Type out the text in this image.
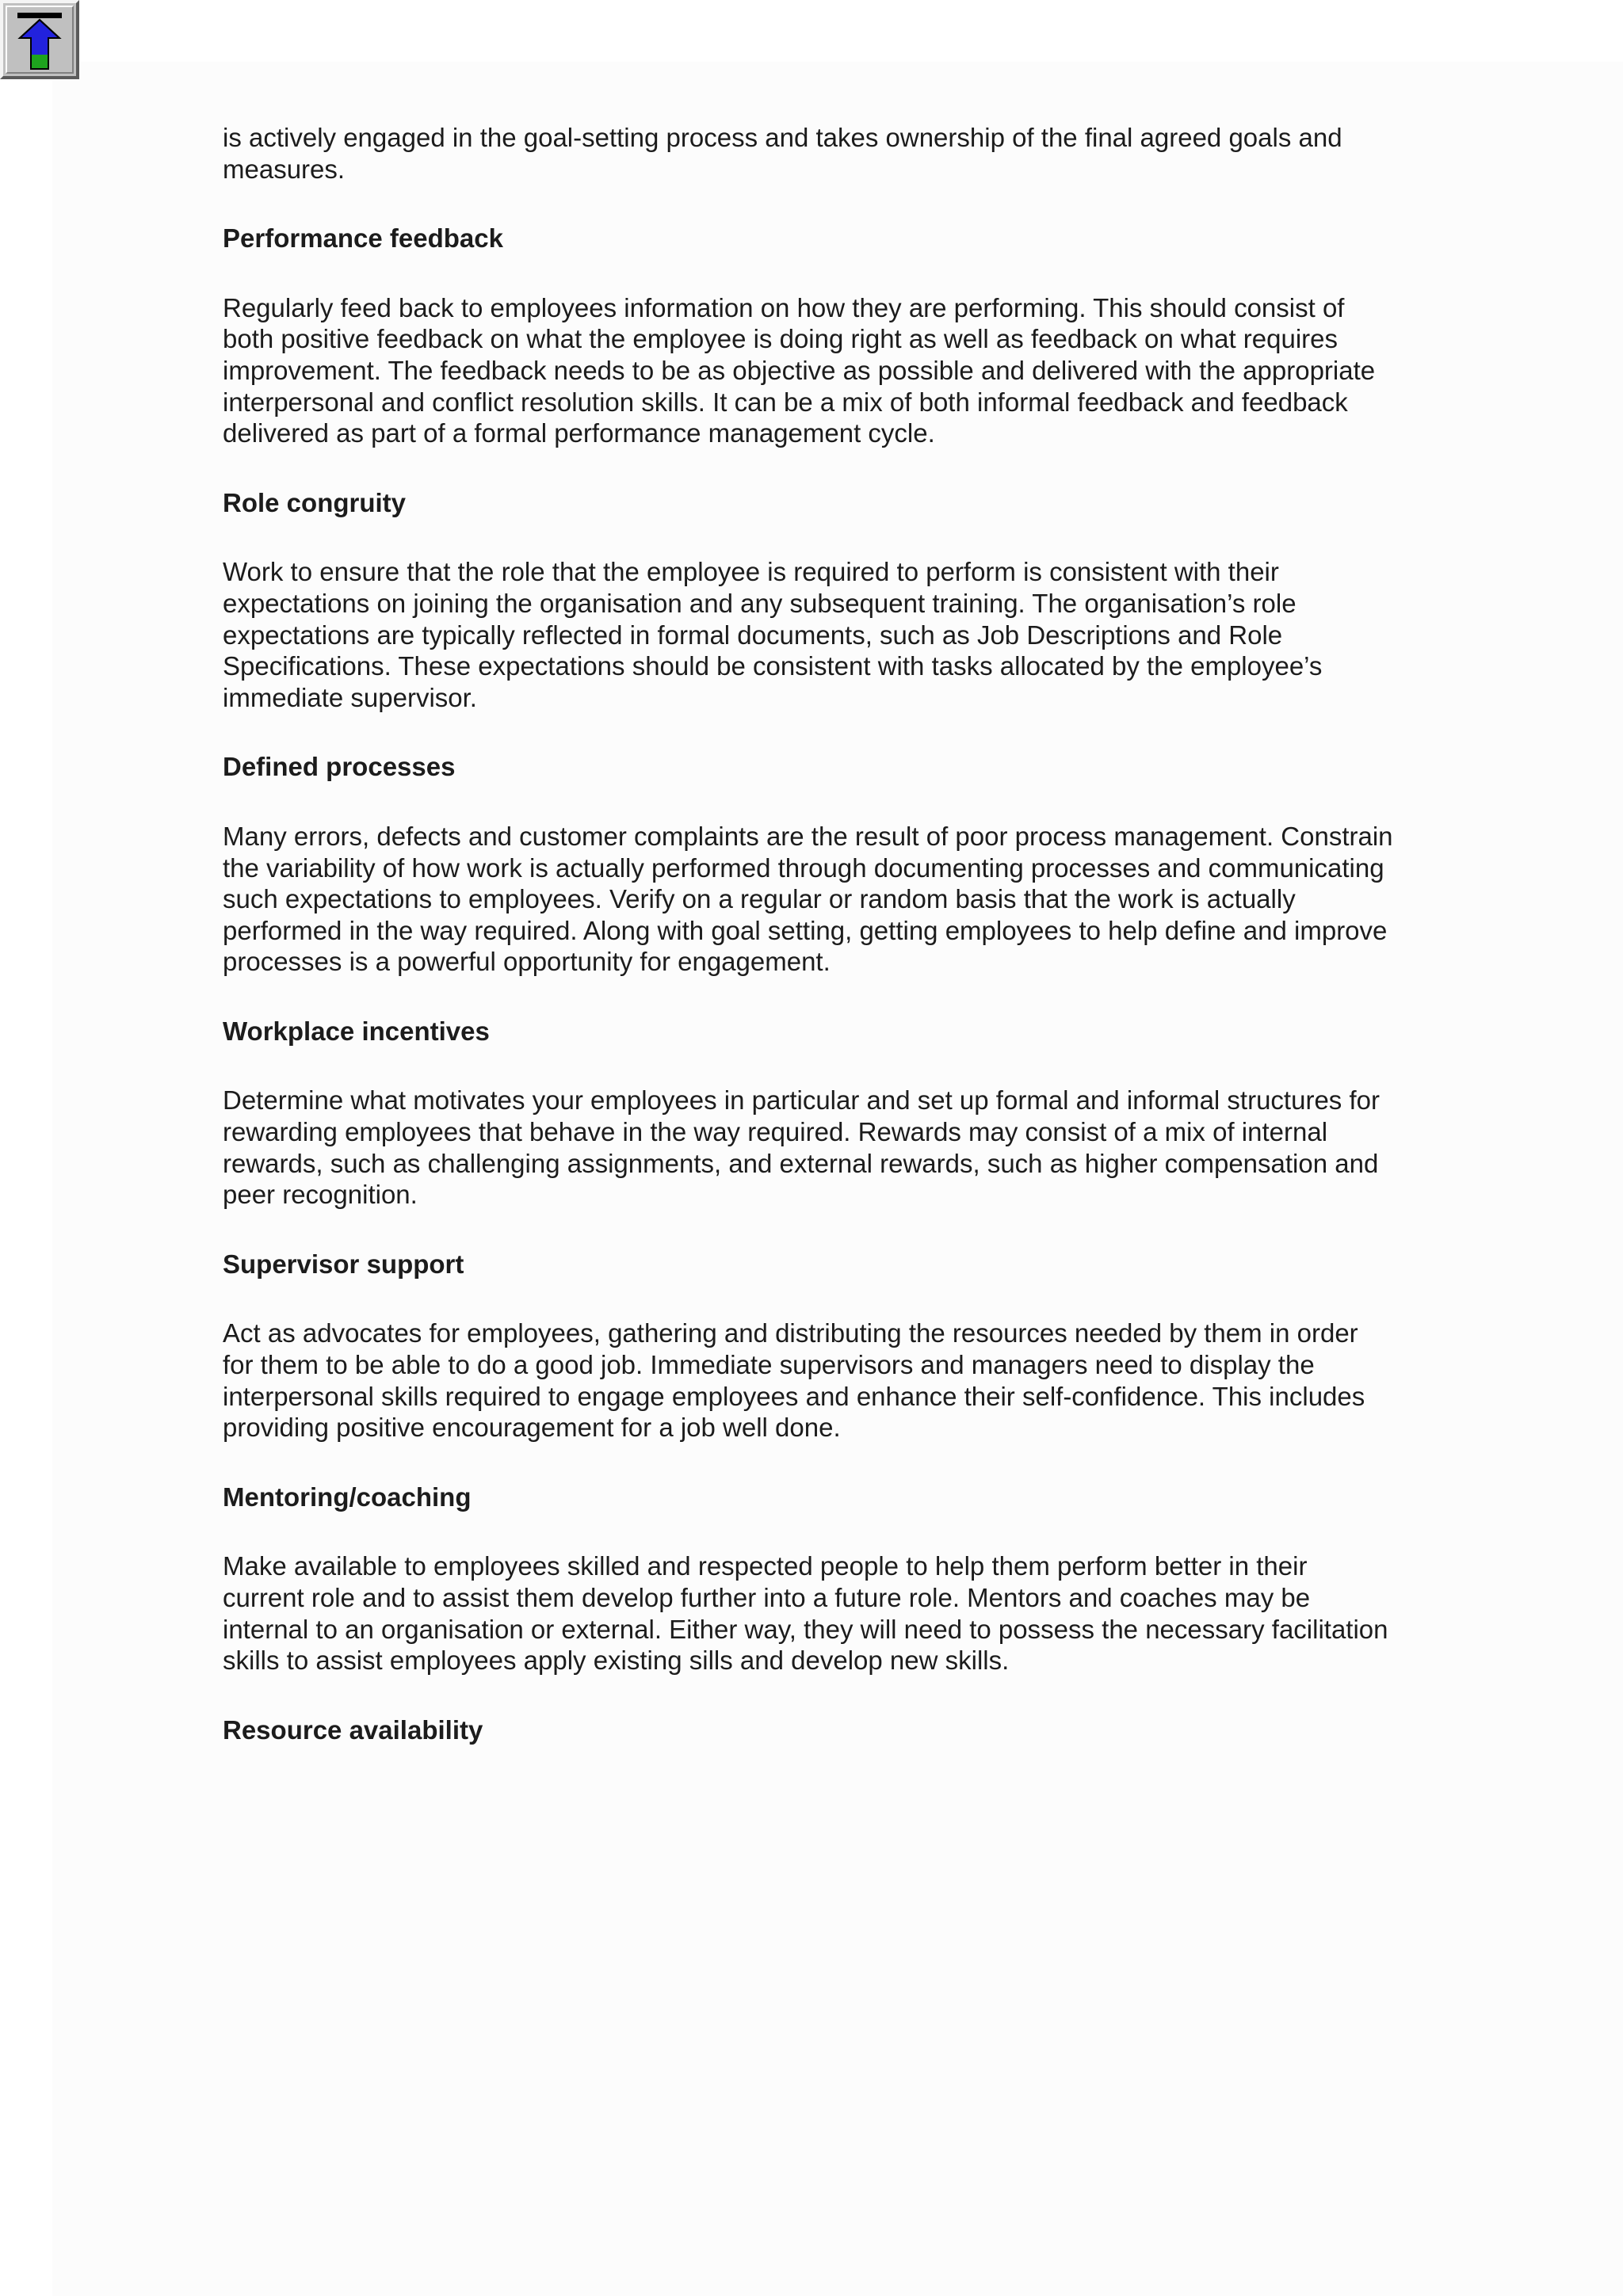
is actively engaged in the goal-setting process and takes ownership of the final agreed goals and measures.

Performance feedback

Regularly feed back to employees information on how they are performing. This should consist of both positive feedback on what the employee is doing right as well as feedback on what requires improvement. The feedback needs to be as objective as possible and delivered with the appropriate interpersonal and conflict resolution skills. It can be a mix of both informal feedback and feedback delivered as part of a formal performance management cycle.

Role congruity

Work to ensure that the role that the employee is required to perform is consistent with their expectations on joining the organisation and any subsequent training. The organisation’s role expectations are typically reflected in formal documents, such as Job Descriptions and Role Specifications. These expectations should be consistent with tasks allocated by the employee’s immediate supervisor.

Defined processes

Many errors, defects and customer complaints are the result of poor process management. Constrain the variability of how work is actually performed through documenting processes and communicating such expectations to employees. Verify on a regular or random basis that the work is actually performed in the way required. Along with goal setting, getting employees to help define and improve processes is a powerful opportunity for engagement.

Workplace incentives

Determine what motivates your employees in particular and set up formal and informal structures for rewarding employees that behave in the way required. Rewards may consist of a mix of internal rewards, such as challenging assignments, and external rewards, such as higher compensation and peer recognition.

Supervisor support

Act as advocates for employees, gathering and distributing the resources needed by them in order for them to be able to do a good job. Immediate supervisors and managers need to display the interpersonal skills required to engage employees and enhance their self-confidence. This includes providing positive encouragement for a job well done.

Mentoring/coaching

Make available to employees skilled and respected people to help them perform better in their current role and to assist them develop further into a future role. Mentors and coaches may be internal to an organisation or external. Either way, they will need to possess the necessary facilitation skills to assist employees apply existing sills and develop new skills.

Resource availability
